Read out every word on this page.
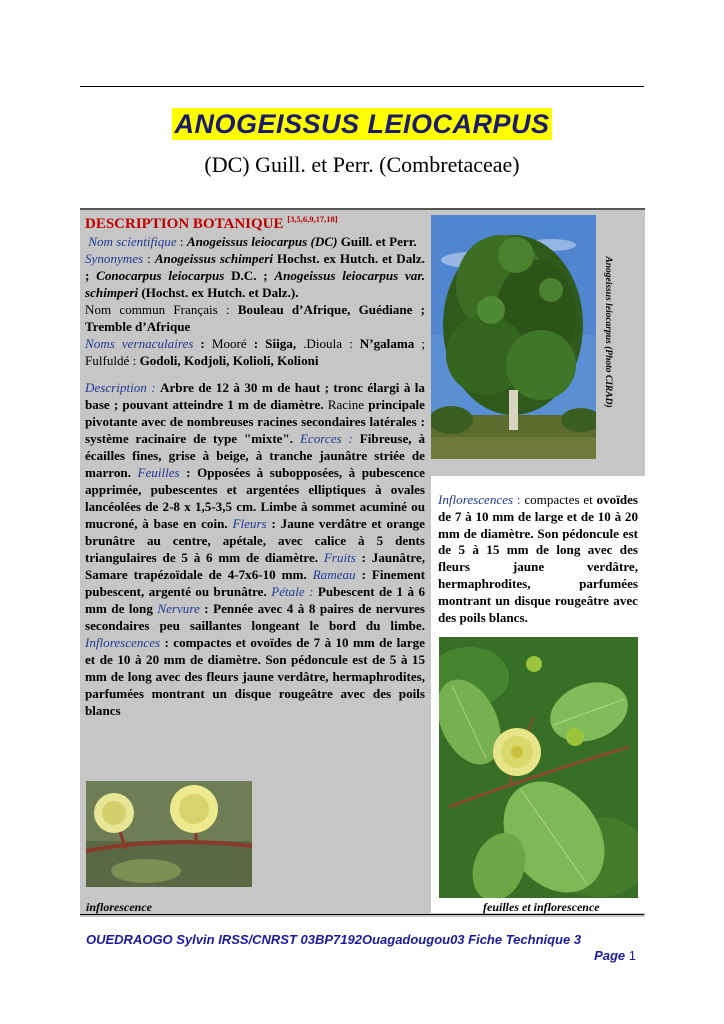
ANOGEISSUS LEIOCARPUS
(DC) Guill. et Perr. (Combretaceae)
Anogeissus leiocarpus (Photo CIRAD)

DESCRIPTION BOTANIQUE [3,5,6,9,17,18]

Nom scientifique : Anogeissus leiocarpus (DC) Guill. et Perr.

Synonymes : Anogeissus schimperi Hochst. ex Hutch. et Dalz. ; Conocarpus leiocarpus D.C. ; Anogeissus leiocarpus var. schimperi (Hochst. ex Hutch. et Dalz.).

Nom commun Français : Bouleau d’Afrique, Guédiane ; Tremble d’Afrique

Noms vernaculaires : Mooré : Siiga, .Dioula : N’galama ; Fulfuldé : Godoli, Kodjoli, Kolioli, Kolioni

Description : Arbre de 12 à 30 m de haut ; tronc élargi à la base ; pouvant atteindre 1 m de diamètre. Racine principale pivotante avec de nombreuses racines secondaires latérales : système racinaire de type "mixte". Ecorces : Fibreuse, à écailles fines, grise à beige, à tranche jaunâtre striée de marron. Feuilles : Opposées à subopposées, à pubescence apprimée, pubescentes et argentées elliptiques à ovales lancéolées de 2-8 x 1,5-3,5 cm. Limbe à sommet acuminé ou mucroné, à base en coin. Fleurs : Jaune verdâtre et orange brunâtre au centre, apétale, avec calice à 5 dents triangulaires de 5 à 6 mm de diamètre. Fruits : Jaunâtre, Samare trapézoïdale de 4-7x6-10 mm. Rameau : Finement pubescent, argenté ou brunâtre. Pétale : Pubescent de 1 à 6 mm de long Nervure : Pennée avec 4 à 8 paires de nervures secondaires peu saillantes longeant le bord du limbe. Inflorescences : compactes et ovoïdes de 7 à 10 mm de large et de 10 à 20 mm de diamètre. Son pédoncule est de 5 à 15 mm de long avec des fleurs jaune verdâtre, hermaphrodites, parfumées montrant un disque rougeâtre avec des poils blancs

Inflorescences : compactes et ovoïdes de 7 à 10 mm de large et de 10 à 20 mm de diamètre. Son pédoncule est de 5 à 15 mm de long avec des fleurs jaune verdâtre, hermaphrodites, parfumées montrant un disque rougeâtre avec des poils blancs.

inflorescence	feuilles et inflorescence
OUEDRAOGO Sylvin IRSS/CNRST 03BP7192Ouagadougou03 Fiche Technique 3
Page 1
